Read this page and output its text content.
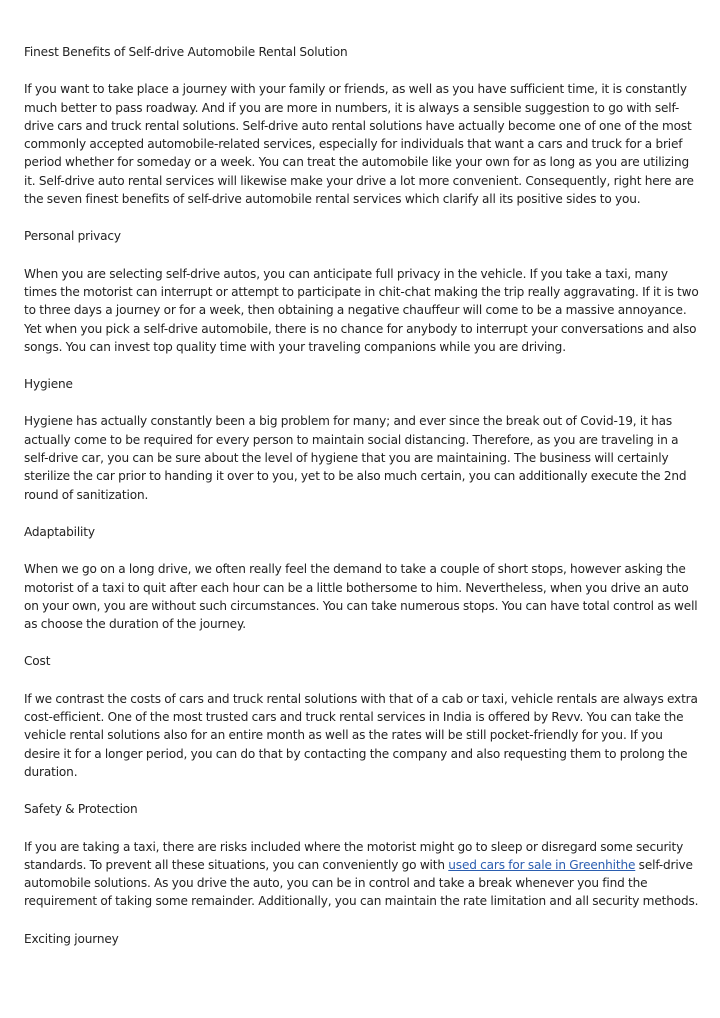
Finest Benefits of Self-drive Automobile Rental Solution

If you want to take place a journey with your family or friends, as well as you have sufficient time, it is constantly much better to pass roadway. And if you are more in numbers, it is always a sensible suggestion to go with self-drive cars and truck rental solutions. Self-drive auto rental solutions have actually become one of one of the most commonly accepted automobile-related services, especially for individuals that want a cars and truck for a brief period whether for someday or a week. You can treat the automobile like your own for as long as you are utilizing it. Self-drive auto rental services will likewise make your drive a lot more convenient. Consequently, right here are the seven finest benefits of self-drive automobile rental services which clarify all its positive sides to you.

Personal privacy

When you are selecting self-drive autos, you can anticipate full privacy in the vehicle. If you take a taxi, many times the motorist can interrupt or attempt to participate in chit-chat making the trip really aggravating. If it is two to three days a journey or for a week, then obtaining a negative chauffeur will come to be a massive annoyance. Yet when you pick a self-drive automobile, there is no chance for anybody to interrupt your conversations and also songs. You can invest top quality time with your traveling companions while you are driving.

Hygiene

Hygiene has actually constantly been a big problem for many; and ever since the break out of Covid-19, it has actually come to be required for every person to maintain social distancing. Therefore, as you are traveling in a self-drive car, you can be sure about the level of hygiene that you are maintaining. The business will certainly sterilize the car prior to handing it over to you, yet to be also much certain, you can additionally execute the 2nd round of sanitization.

Adaptability

When we go on a long drive, we often really feel the demand to take a couple of short stops, however asking the motorist of a taxi to quit after each hour can be a little bothersome to him. Nevertheless, when you drive an auto on your own, you are without such circumstances. You can take numerous stops. You can have total control as well as choose the duration of the journey.

Cost

If we contrast the costs of cars and truck rental solutions with that of a cab or taxi, vehicle rentals are always extra cost-efficient. One of the most trusted cars and truck rental services in India is offered by Revv. You can take the vehicle rental solutions also for an entire month as well as the rates will be still pocket-friendly for you. If you desire it for a longer period, you can do that by contacting the company and also requesting them to prolong the duration.

Safety & Protection

If you are taking a taxi, there are risks included where the motorist might go to sleep or disregard some security standards. To prevent all these situations, you can conveniently go with used cars for sale in Greenhithe self-drive automobile solutions. As you drive the auto, you can be in control and take a break whenever you find the requirement of taking some remainder. Additionally, you can maintain the rate limitation and all security methods.

Exciting journey
